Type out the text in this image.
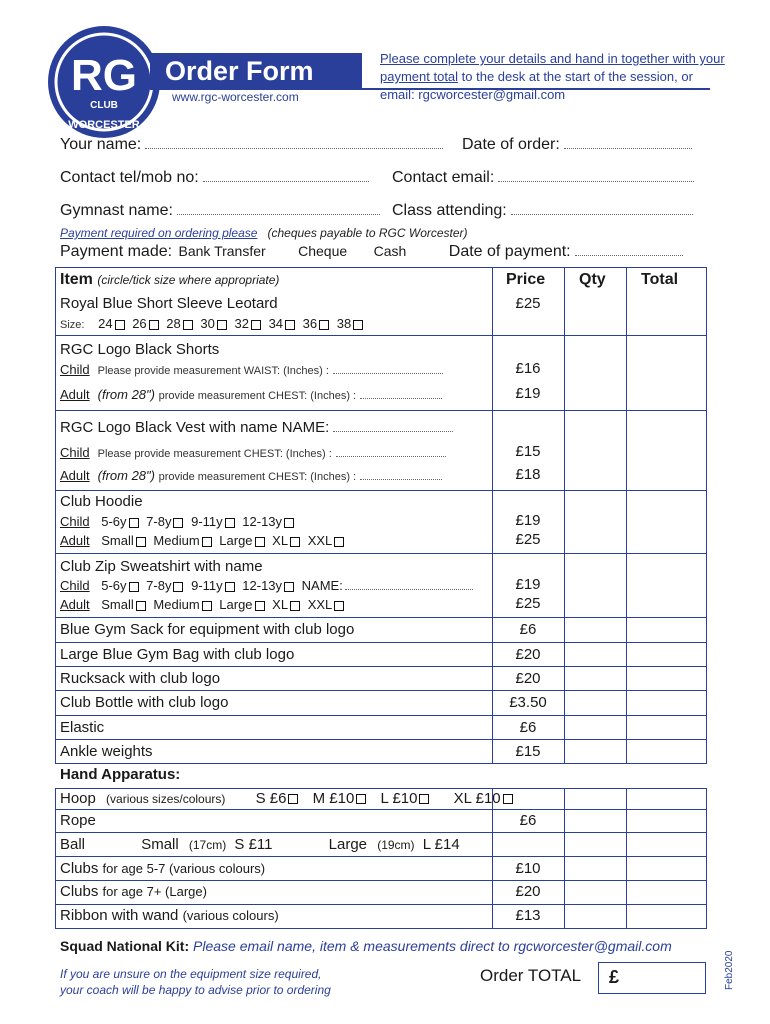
RG
CLUB
WORCESTER
Order Form
www.rgc-worcester.com
Please complete your details and hand in together with your payment total to the desk at the start of the session, or email: rgcworcester@gmail.com
Your name:	Date of order:
Contact tel/mob no:	Contact email:
Gymnast name:	Class attending:
Payment required on ordering please (cheques payable to RGC Worcester)
Payment made: Bank Transfer Cheque Cash	Date of payment:
Item (circle/tick size where appropriate)	Price Qty Total
Royal Blue Short Sleeve Leotard
Size: 24 26 28 30 32 34 36 38
£25
RGC Logo Black Shorts
Child Please provide measurement WAIST: (Inches) :	£16
Adult (from 28") provide measurement CHEST: (Inches) :	£19
RGC Logo Black Vest with name NAME:
Child Please provide measurement CHEST: (Inches) :	£15
Adult (from 28") provide measurement CHEST: (Inches) :	£18
Club Hoodie
Child 5-6y 7-8y 9-11y 12-13y	£19
Adult Small Medium Large XL XXL	£25
Club Zip Sweatshirt with name
Child 5-6y 7-8y 9-11y 12-13y NAME:	£19
Adult Small Medium Large XL XXL	£25
Blue Gym Sack for equipment with club logo	£6
Large Blue Gym Bag with club logo	£20
Rucksack with club logo	£20
Club Bottle with club logo	£3.50
Elastic	£6
Ankle weights	£15
Hand Apparatus:
Hoop (various sizes/colours) S £6 M £10 L £10 XL £10
Rope	£6
Ball	Small (17cm) S £11	Large (19cm) L £14
Clubs for age 5-7 (various colours)	£10
Clubs for age 7+ (Large)	£20
Ribbon with wand (various colours)	£13
Squad National Kit: Please email name, item & measurements direct to rgcworcester@gmail.com
If you are unsure on the equipment size required,
your coach will be happy to advise prior to ordering
Order TOTAL	£	Feb2020
